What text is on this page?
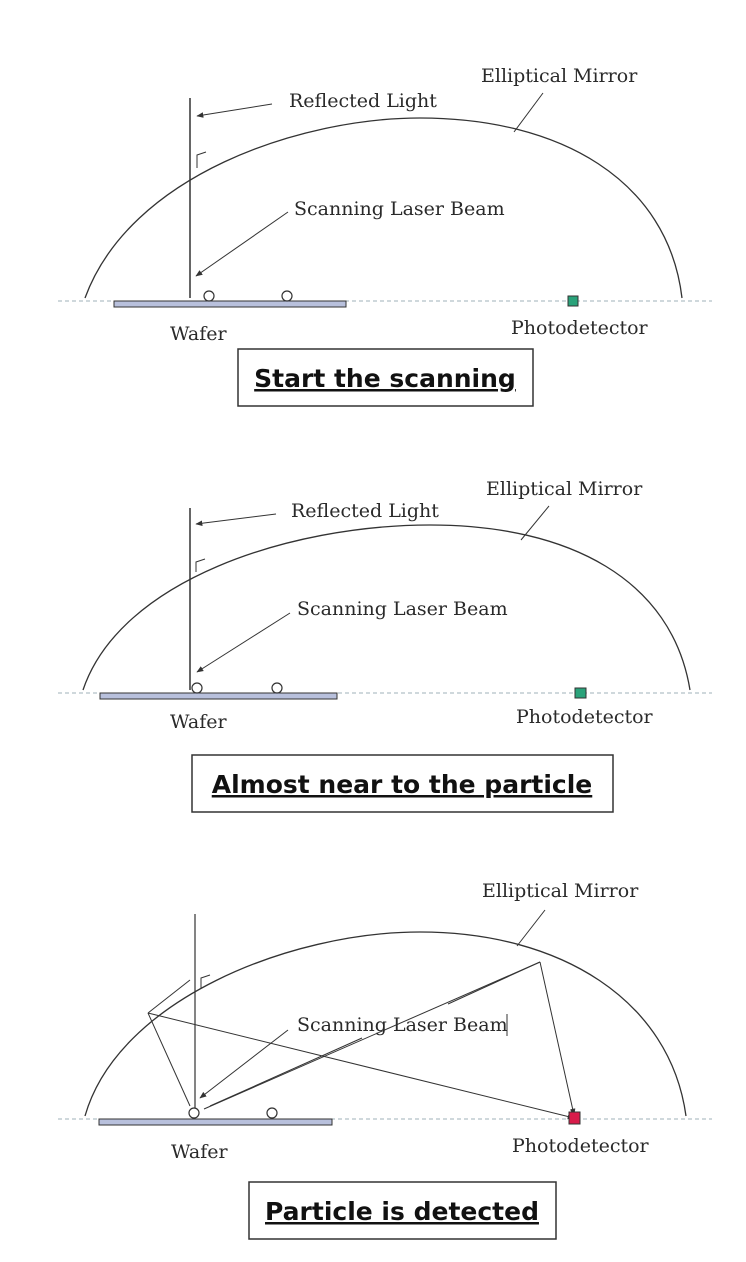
Elliptical Mirror
Reflected Light
Scanning Laser Beam
Wafer	Photodetector
Start the scanning
Elliptical Mirror
Reflected Light
Scanning Laser Beam
Wafer	Photodetector
Almost near to the particle
Elliptical Mirror
Scanning Laser Beam
Wafer	Photodetector
Particle is detected
